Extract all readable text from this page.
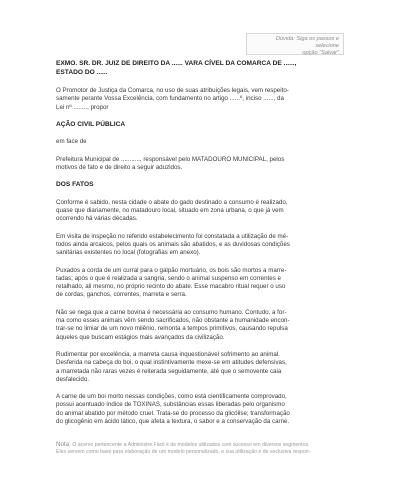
Dúvida: Siga os passos e selecione
opção "Salvar"
EXMO. SR. DR. JUIZ DE DIREITO DA ...... VARA CÍVEL DA COMARCA DE ......,
ESTADO DO ......

O Promotor de Justiça da Comarca, no uso de suas atribuições legais, vem respeito-
samente perante Vossa Excelência, com fundamento no artigo ......º, inciso ......, da
Lei nº ........, propor

AÇÃO CIVIL PÚBLICA

em face de

Prefeitura Municipal de ..........., responsável pelo MATADOURO MUNICIPAL, pelos
motivos de fato e de direito a seguir aduzidos.

DOS FATOS

Conforme é sabido, nesta cidade o abate do gado destinado a consumo é realizado,
quase que diariamente, no matadouro local, situado em zona urbana, o que já vem
ocorrendo há várias décadas.

Em visita de inspeção no referido estabelecimento foi constatada a utilização de mé-
todos ainda arcaicos, pelos quais os animais são abatidos, e as duvidosas condições
sanitárias existentes no local (fotografias em anexo).

Puxados a corda de um curral para o galpão mortuário, os bois são mortos a marre-
tadas; após o que é realizada a sangria, sendo o animal suspenso em correntes e
retalhado, ali mesmo, no próprio recinto do abate. Esse macabro ritual requer o uso
de cordas, ganchos, correntes, marreta e serra.

Não se nega que a carne bovina é necessária ao consumo humano. Contudo, a for-
ma como esses animais vêm sendo sacrificados, não obstante a humanidade encon-
trar-se no limiar de um novo milênio, remonta a tempos primitivos, causando repulsa
àqueles que buscam estágios mais avançados da civilização.

Rudimentar por excelência, a marreta causa inquestionável sofrimento ao animal.
Desferida na cabeça do boi, o qual instintivamente mexe-se em atitudes defensivas,
a marretada não raras vezes é reiterada seguidamente, até que o semovente caia
desfalecido.

A carne de um boi morto nessas condições, como está cientificamente comprovado,
possui acentuado índice de TOXINAS, substâncias essas liberadas pelo organismo
do animal abatido por método cruel. Trata-se do processo da glicólise; transformação
do glicogênio em ácido lático, que afeta a textura, o sabor e a conservação da carne.

Nota: O acervo pertencente a Administre Fácil é de modelos utilizados com sucesso em diversos segmentos.
Eles servem como base para elaboração de um modelo personalizado, e sua utilização é de exclusiva respon-
